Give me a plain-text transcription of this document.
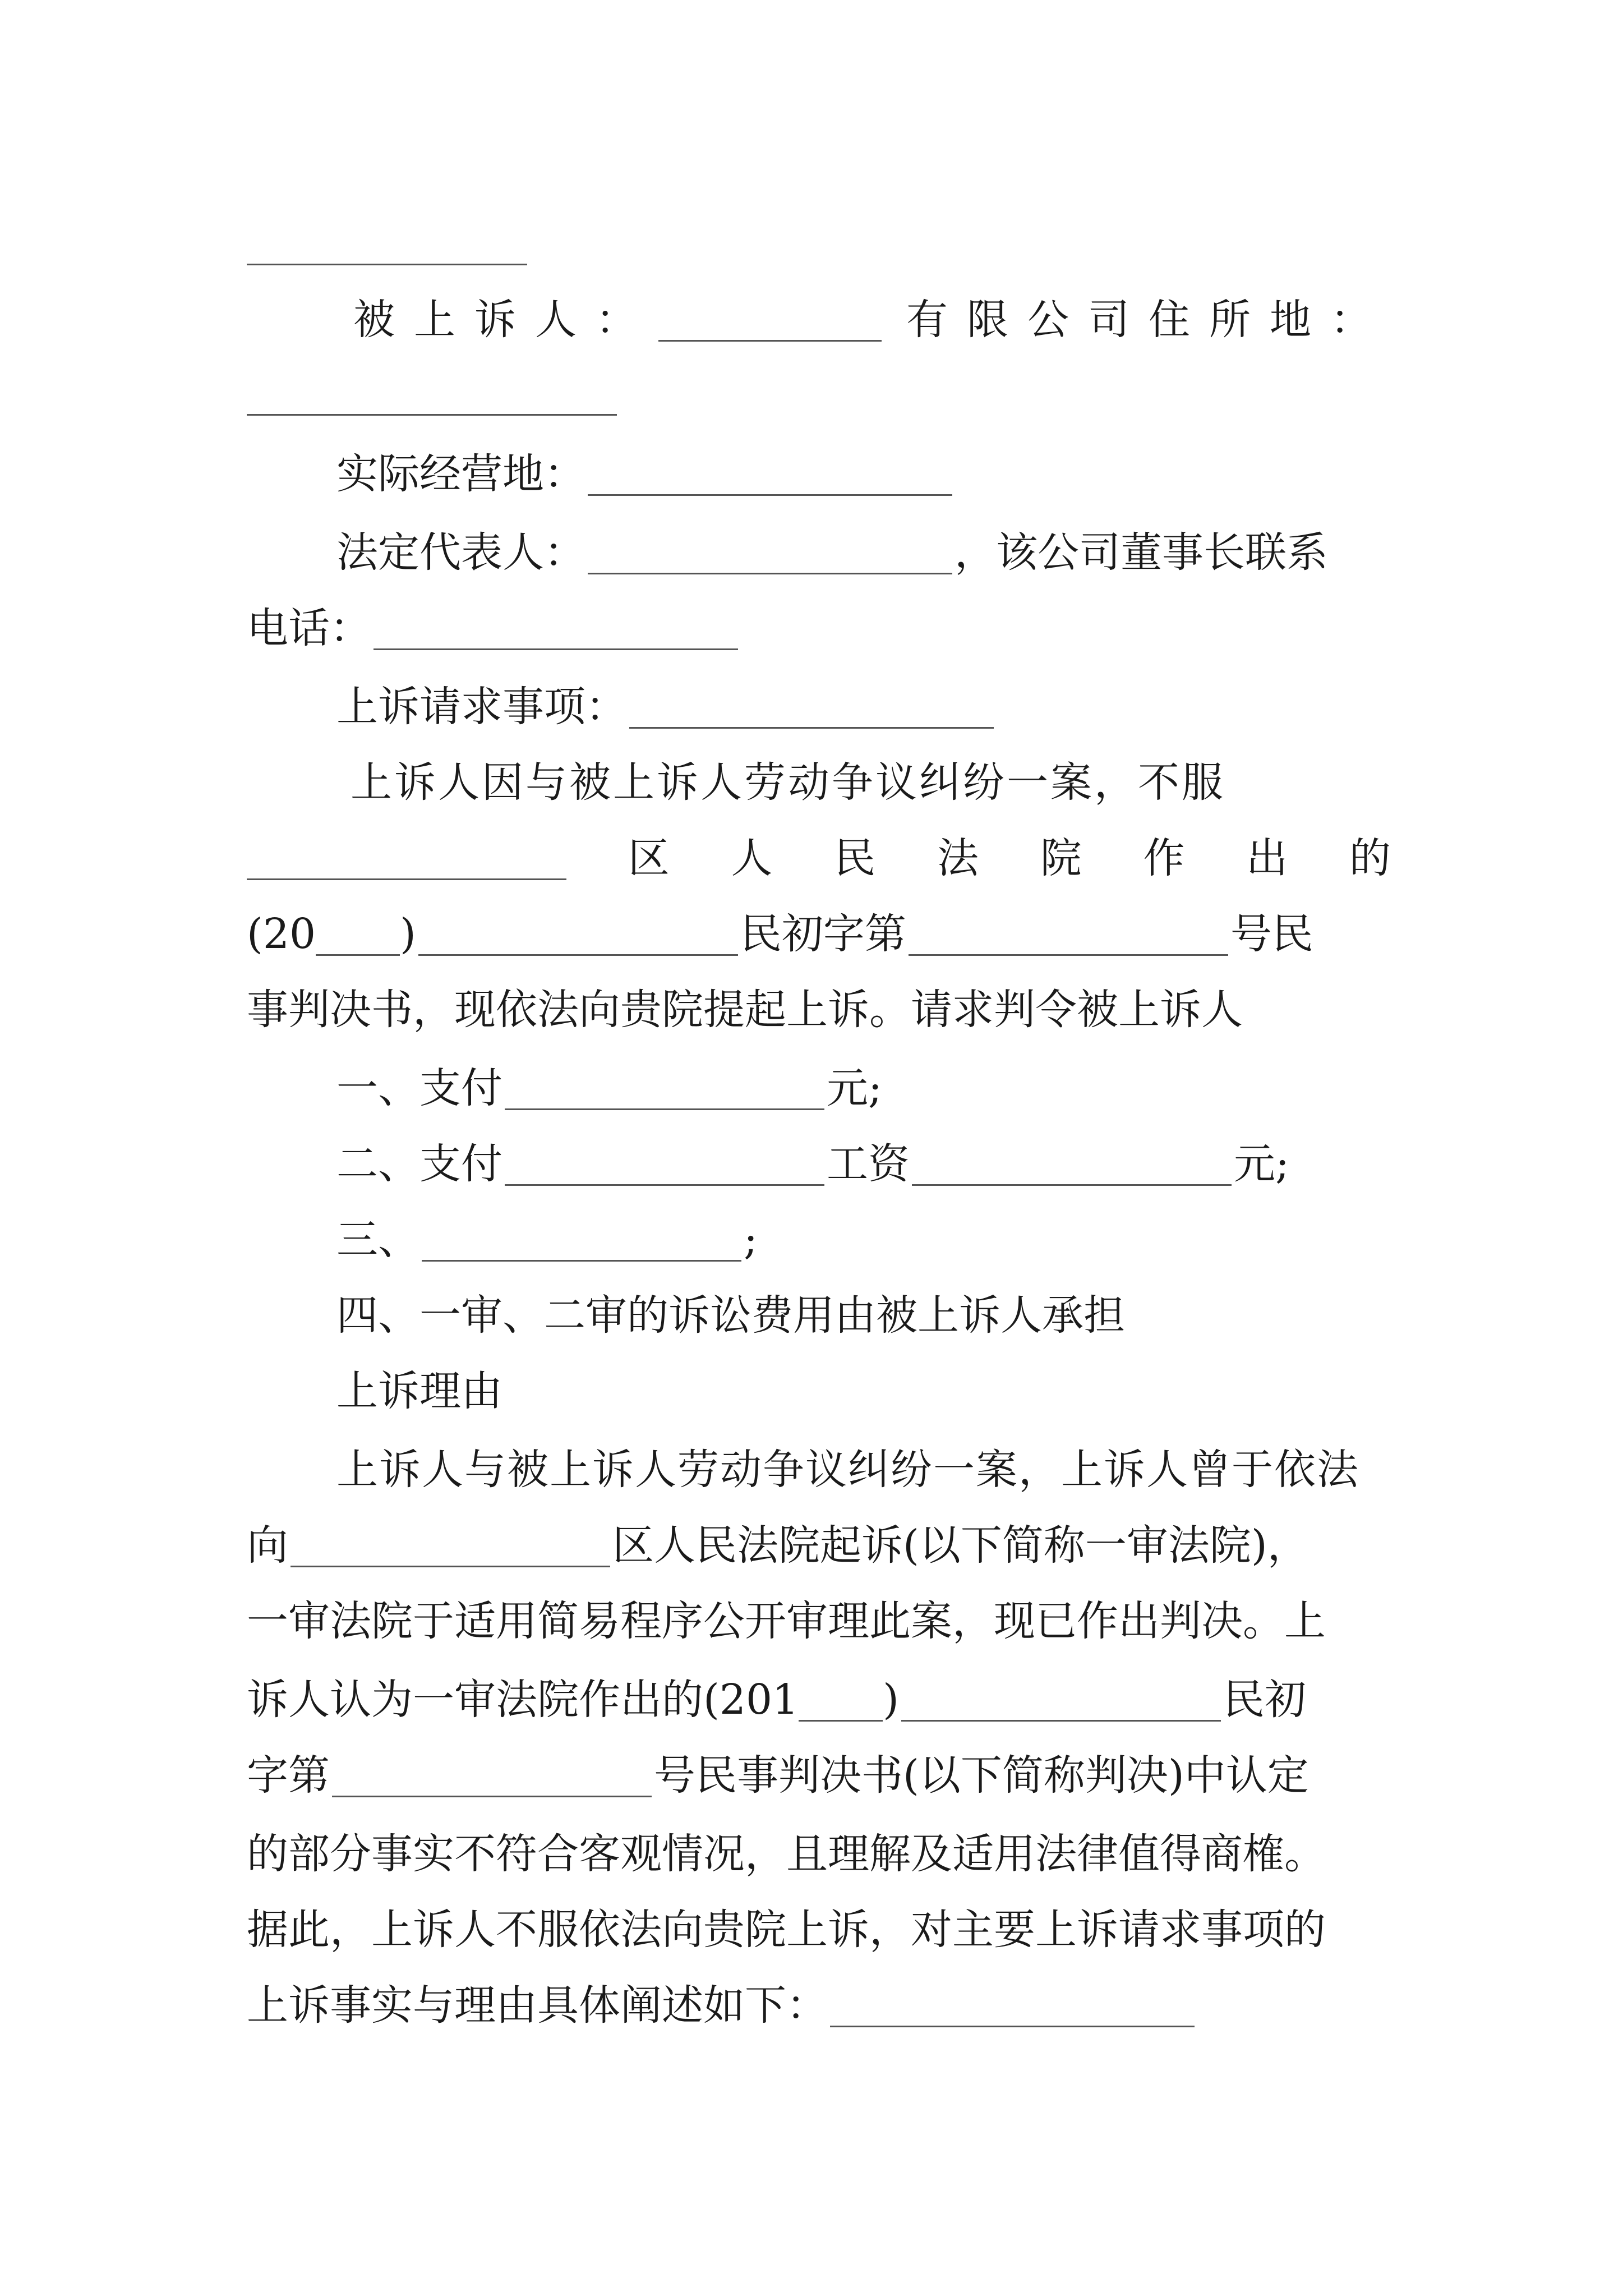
被上诉人：	有限公司住所地：
实际经营地：
法定代表人：	，该公司董事长联系
电话：
上诉请求事项：
上诉人因与被上诉人劳动争议纠纷一案，不服
区 人 民 法 院 作 出 的
(20 )	民初字第	号民
事判决书，现依法向贵院提起上诉。请求判令被上诉人
一、支付	元;
二、支付	工资	元;
三、	;
四、一审、二审的诉讼费用由被上诉人承担
上诉理由
上诉人与被上诉人劳动争议纠纷一案，上诉人曾于依法
向	区人民法院起诉(以下简称一审法院)，
一审法院于适用简易程序公开审理此案，现已作出判决。上
诉人认为一审法院作出的(201 )	民初
字第	号民事判决书(以下简称判决)中认定
的部分事实不符合客观情况，且理解及适用法律值得商榷。
据此，上诉人不服依法向贵院上诉，对主要上诉请求事项的
上诉事实与理由具体阐述如下：
